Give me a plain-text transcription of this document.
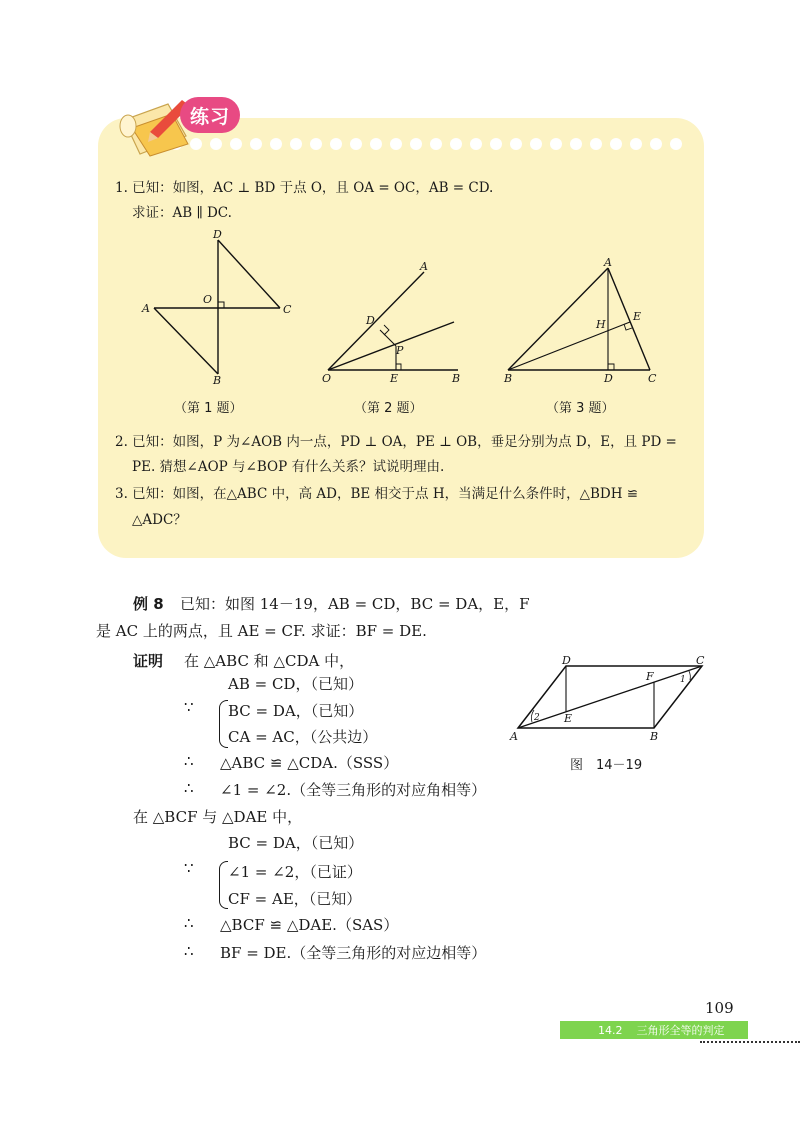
练习
1. 已知：如图，AC ⊥ BD 于点 O，且 OA = OC，AB = CD.
求证：AB ∥ DC.
D
A
O
C
B
（第 1 题）
A
D
P
O	E	B
（第 2 题）
A
E
H
B	D	C
（第 3 题）
2. 已知：如图，P 为∠AOB 内一点，PD ⊥ OA，PE ⊥ OB，垂足分别为点 D，E，且 PD =
PE. 猜想∠AOP 与∠BOP 有什么关系？试说明理由.
3. 已知：如图，在△ABC 中，高 AD，BE 相交于点 H，当满足什么条件时，△BDH ≌
△ADC？
例 8 已知：如图 14－19，AB = CD，BC = DA，E，F
是 AC 上的两点，且 AE = CF. 求证：BF = DE.
证明 在 △ABC 和 △CDA 中，
AB = CD，（已知）
∵ BC = DA，（已知）
CA = AC，（公共边）
∴ △ABC ≌ △CDA.（SSS）
∴ ∠1 = ∠2.（全等三角形的对应角相等）
在 △BCF 与 △DAE 中，
BC = DA，（已知）
∵ ∠1 = ∠2，（已证）
CF = AE，（已知）
∴ △BCF ≌ △DAE.（SAS）
∴ BF = DE.（全等三角形的对应边相等）
D	C
F	1
2 E
A	B
图　14－19
109
14.2 三角形全等的判定
